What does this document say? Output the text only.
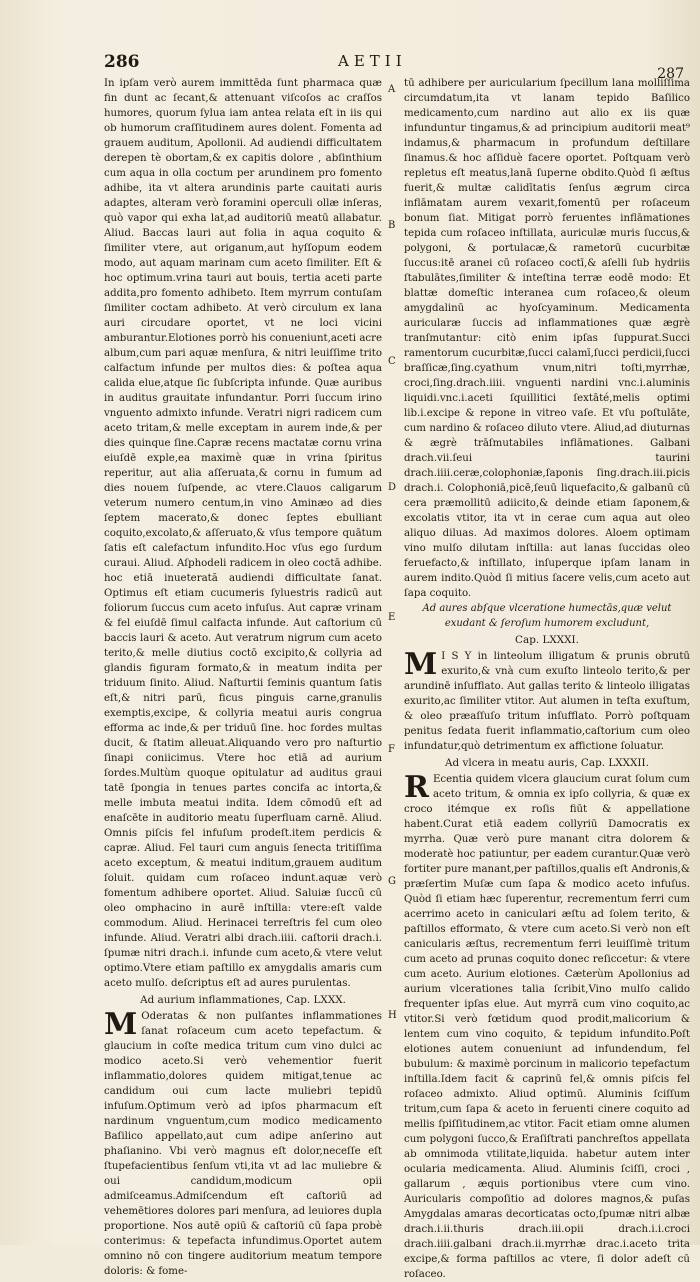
286	AETII
287
A
B
C
D
E
F
G
H

In ipſam verò aurem immittēda ſunt pharmaca quæ fin dunt ac ſecant,& attenuant viſcoſos ac craſſos humores, quorum ſylua iam antea relata eſt in iis qui ob humorum craſſitudinem aures dolent. Fomenta ad grauem auditum, Apollonii. Ad audiendi difficultatem derepen tè obortam,& ex capitis dolore , abſinthium cum aqua in olla coctum per arundinem pro fomento adhibe, ita vt altera arundinis parte cauitati auris adaptes, alteram verò foramini operculi ollæ inſeras, quò vapor qui exha lat,ad auditoriū meatū allabatur. Aliud. Baccas lauri aut folia in aqua coquito & ſimiliter vtere, aut origanum,aut hyſſopum eodem modo, aut aquam marinam cum aceto ſimiliter. Eſt & hoc optimum.vrina tauri aut bouis, tertia aceti parte addita,pro fomento adhibeto. Item myrrum contuſam ſimiliter coctam adhibeto. At verò circulum ex lana auri circudare oportet, vt ne loci vicini amburantur.Elotiones porrò his conueniunt,aceti acre album,cum pari aquæ menſura, & nitri leuiſſime trito calfactum infunde per multos dies: & poſtea aqua calida elue,atque ſic ſubſcripta infunde. Quæ auribus in auditus grauitate infundantur. Porri ſuccum irino vnguento admixto infunde. Veratri nigri radicem cum aceto tritam,& melle exceptam in aurem inde,& per dies quinque ſine.Capræ recens mactatæ cornu vrina eiuſdē exple,ea maximè quæ in vrina ſpiritus reperitur, aut alia aſſeruata,& cornu in fumum ad dies nouem ſuſpende, ac vtere.Clauos caligarum veterum numero centum,in vino Aminæo ad dies ſeptem macerato,& donec ſeptes ebulliant coquito,excolato,& aſſeruato,& vſus tempore quātum ſatis eſt calefactum infundito.Hoc vſus ego ſurdum curaui. Aliud. Aſphodeli radicem in oleo coctā adhibe. hoc etiā inueterată audiendi difficultate ſanat. Optimus eſt etiam cucumeris ſyluestris radicū aut foliorum ſuccus cum aceto infuſus. Aut capræ vrinam & fel eiuſdē ſimul calfacta infunde. Aut caſtorium cū baccis lauri & aceto. Aut veratrum nigrum cum aceto terito,& melle diutius coctō excipito,& collyria ad glandis figuram formato,& in meatum indita per triduum ſinito. Aliud. Naſturtii ſeminis quantum ſatis eſt,& nitri parū, ficus pinguis carne,granulis exemptis,excipe, & collyria meatui auris congrua efforma ac inde,& per triduū ſine. hoc fordes multas ducit, & ſtatim alleuat.Aliquando vero pro naſturtio ſinapi coniicimus. Vtere hoc etiā ad aurium ſordes.Multùm quoque opitulatur ad auditus graui tatē ſpongia in tenues partes concifa ac intorta,& melle imbuta meatui indita. Idem cōmodū eſt ad enaſcēte in auditorio meatu ſuperfluam carnē. Aliud. Omnis piſcis fel infuſum prodeſt.item perdicis & capræ. Aliud. Fel tauri cum anguis ſenecta tritiſſima aceto exceptum, & meatui inditum,grauem auditum ſoluit. quidam cum roſaceo indunt.aquæ verò fomentum adhibere oportet. Aliud. Saluiæ ſuccū cū oleo omphacino in aurē inſtilla: vtere:eſt valde commodum. Aliud. Herinacei terreſtris fel cum oleo infunde. Aliud. Veratri albi drach.iiii. caſtorii drach.i. ſpumæ nitri drach.i. infunde cum aceto,& vtere velut optimo.Vtere etiam paſtillo ex amygdalis amaris cum aceto mulſo. deſcriptus eſt ad aures purulentas.

Ad aurium inflammationes, Cap. LXXX.

M Oderatas & non pulſantes inflammationes ſanat roſaceum cum aceto tepefactum. & glaucium in coſte medica tritum cum vino dulci ac modico aceto.Si verò vehementior fuerit inflammatio,dolores quidem mitigat,tenue ac candidum oui cum lacte muliebri tepidū infuſum.Optimum verò ad ipſos pharmacum eſt nardinum vnguentum,cum modico medicamento Baſilico appellato,aut cum adipe anſerino aut phaſianino. Vbi verò magnus eſt dolor,neceſſe eſt ſtupefacientibus ſenſum vti,ita vt ad lac muliebre & oui candidum,modicum opii admiſceamus.Admiſcendum eſt caſtoriū ad vehemētiores dolores pari menſura, ad leuiores dupla proportione. Nos autē opiū & caſtoriū cū ſapa probè conterimus: & tepefacta infundimus.Oportet autem omnino nō con tingere auditorium meatum tempore doloris: & fome-

tū adhibere per auricularium ſpecillum lana molliſſima circumdatum,ita vt lanam tepido Baſilico medicamento,cum nardino aut alio ex iis quæ infunduntur tingamus,& ad principium auditorii meat⁹ indamus,& pharmacum in profundum deſtillare ſinamus.& hoc aſſiduè facere oportet. Poſtquam verò repletus eſt meatus,lanā ſuperne obdito.Quòd ſi æſtus fuerit,& multæ calidītatis ſenſus ægrum circa inflāmatam aurem vexarit,fomentū per roſaceum bonum ſiat. Mitigat porrò feruentes inflāmationes tepida cum roſaceo inſtillata, auriculæ muris ſuccus,& polygoni, & portulacæ,& rametorū cucurbitæ ſuccus:itē aranei cū roſaceo coctī,& aſelli ſub hydriis ſtabulātes,ſimiliter & inteſtina terræ eodē modo: Et blattæ domeſtic interanea cum roſaceo,& oleum amygdalinū ac hyoſcyaminum. Medicamenta auricularæ ſuccis ad inflammationes quæ ægrè tranſmutantur: citò enim ipſas ſuppurat.Succi ramentorum cucurbitæ,ſucci calamī,ſucci perdicii,ſucci braſſicæ,ſing.cyathum vnum,nitri toſti,myrrhæ, croci,ſing.drach.iiii. vnguenti nardini vnc.i.aluminis liquidi.vnc.i.aceti ſquillitici ſextāté,melis optimi lib.i.excipe & repone in vitreo vaſe. Et vſu poſtulāte, cum nardino & roſaceo diluto vtere. Aliud,ad diuturnas & ægrè trāſmutabiles inflāmationes. Galbani drach.vii.ſeui taurini drach.iiii.ceræ,colophoniæ,ſaponis ſing.drach.iii.picis drach.i. Colophoniā,picē,ſeuū liquefacito,& galbanū cū cera præmollitū adiicito,& deinde etiam ſaponem,& excolatis vtitor, ita vt in cerae cum aqua aut oleo aliquo diluas. Ad maximos dolores. Aloem optimam vino mulſo dilutam inſtilla: aut lanas ſuccidas oleo feruefacto,& inſtillato, inſuperque ipſam lanam in aurem indito.Quòd ſi mitius ſacere velis,cum aceto aut ſapa coquito.

Ad aures abſque vlceratione humectās,quæ velut
exudant & ſeroſum humorem excludunt,
Cap. LXXXI.

M I S Y in linteolum illigatum & prunis obrutū exurito,& vnà cum exuſto linteolo terito,& per arundinē inſufflato. Aut gallas terito & linteolo illigatas exurito,ac ſimiliter vtitor. Aut alumen in teſta exuſtum, & oleo præaſſuſo tritum inſufflato. Porrò poſtquam penitus ſedata fuerit inflammatio,caſtorium cum oleo infundatur,quò detrimentum ex affictione ſoluatur.

Ad vlcera in meatu auris, Cap. LXXXII.

R Ecentia quidem vlcera glaucium curat ſolum cum aceto tritum, & omnia ex ipſo collyria, & quæ ex croco itémque ex roſis fiūt & appellatione habent.Curat etiā eadem collyriū Damocratis ex myrrha. Quæ verò pure manant citra dolorem & moderatè hoc patiuntur, per eadem curantur.Quæ verò fortiter pure manant,per paſtillos,qualis eſt Andronis,& præſertim Muſæ cum ſapa & modico aceto infuſus. Quòd ſi etiam hæc ſuperentur, recrementum ferri cum acerrimo aceto in caniculari æſtu ad ſolem terito, & paſtillos efformato, & vtere cum aceto.Si verò non eſt canicularis æſtus, recrementum ferri leuiſſimè tritum cum aceto ad prunas coquito donec reſiccetur: & vtere cum aceto. Aurium elotiones. Cæterùm Apollonius ad aurium vlcerationes talia ſcribit,Vino mulſo calido frequenter ipſas elue. Aut myrrā cum vino coquito,ac vtitor.Si verò fœtidum quod prodit,malicorium & lentem cum vino coquito, & tepidum infundito.Poſt elotiones autem conueniunt ad infundendum, fel bubulum: & maximè porcinum in malicorio tepefactum inſtilla.Idem facit & caprinū fel,& omnis piſcis fel roſaceo admixto. Aliud optimū. Aluminis ſciſſum tritum,cum ſapa & aceto in feruenti cinere coquito ad mellis ſpiſſitudinem,ac vtitor. Facit etiam omne alumen cum polygoni ſucco,& Eraſiſtrati panchreſtos appellata ab omnimoda vtilitate,liquida. habetur autem inter ocularia medicamenta. Aliud. Aluminis ſciſſi, croci , gallarum , æquis portionibus vtere cum vino. Auricularis compoſitio ad dolores magnos,& puſas Amygdalas amaras decorticatas octo,ſpumæ nitri albæ drach.i.ii.thuris drach.iii.opii drach.i.i.croci drach.iiii.galbani drach.ii.myrrhæ drac.i.aceto trita excipe,& forma paſtillos ac vtere, ſi dolor adeſt cū roſaceo.
